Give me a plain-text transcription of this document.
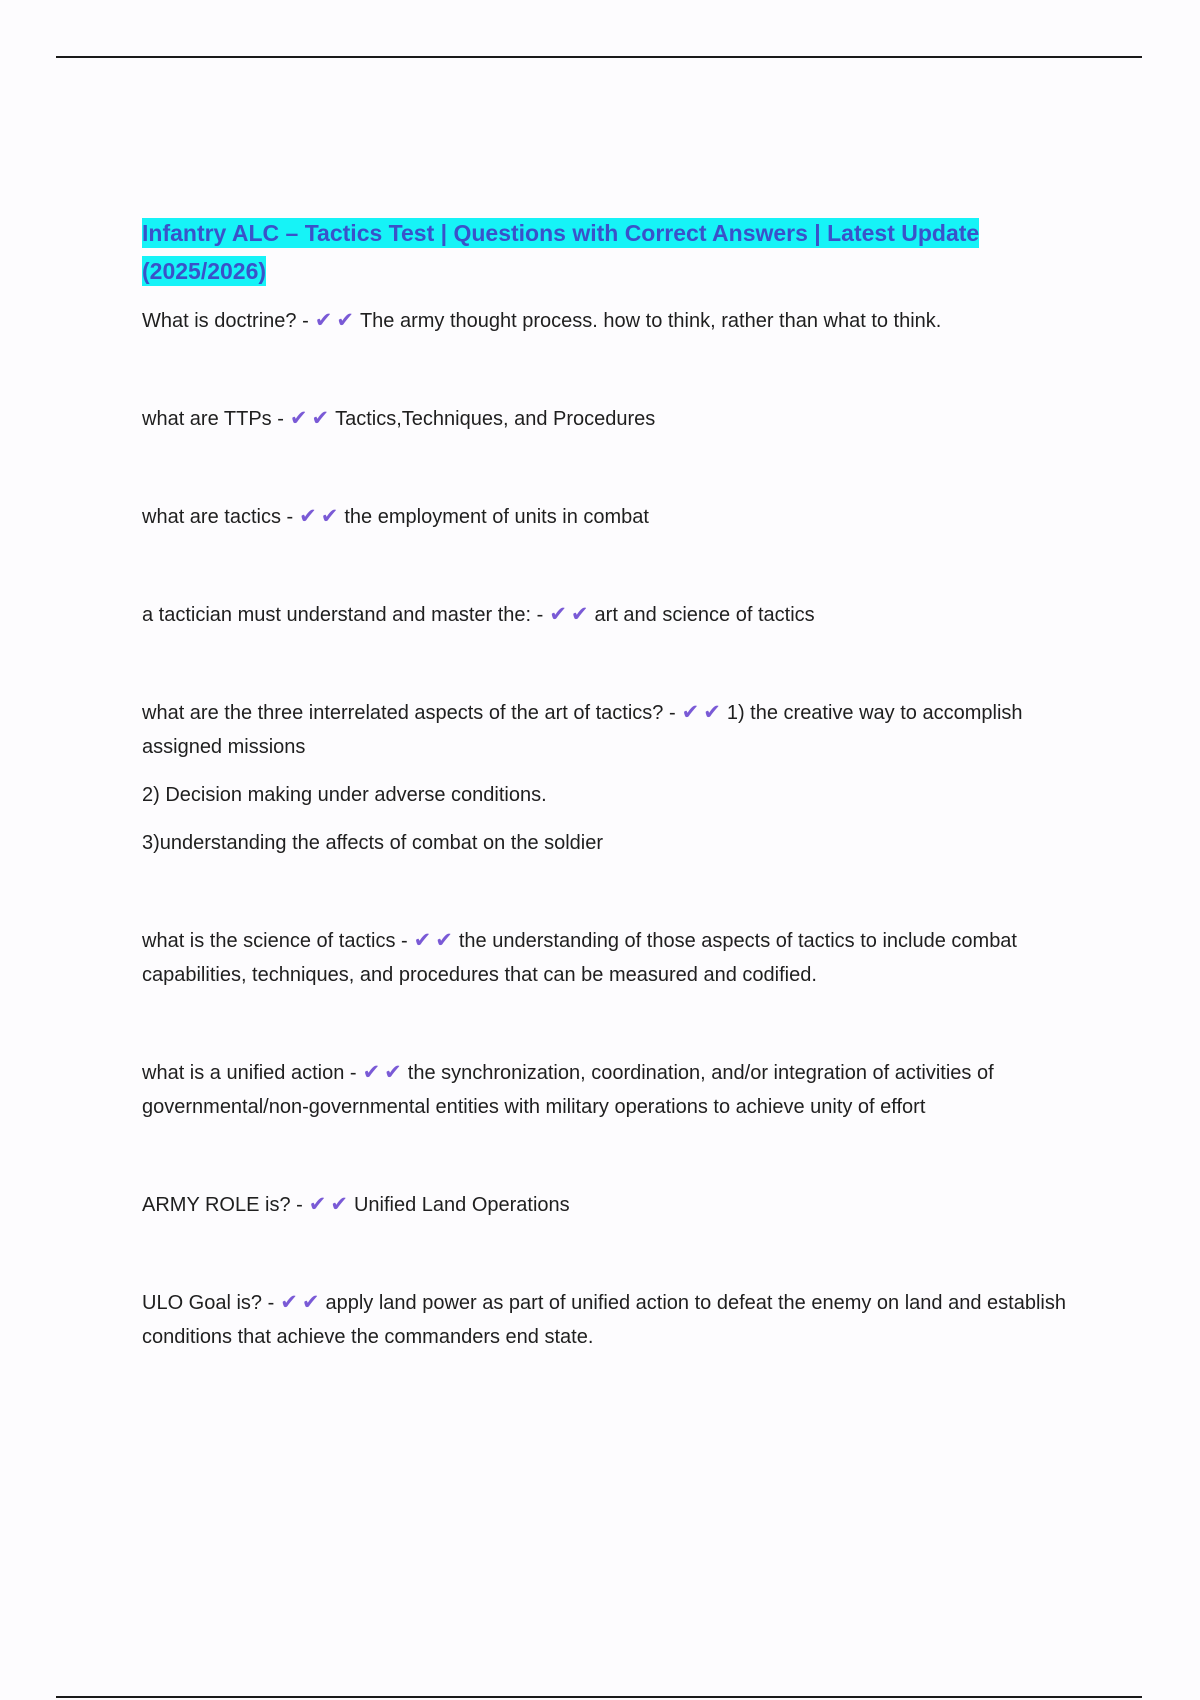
Infantry ALC – Tactics Test | Questions with Correct Answers | Latest Update (2025/2026)

What is doctrine? - ✔✔ The army thought process. how to think, rather than what to think.

what are TTPs - ✔✔ Tactics,Techniques, and Procedures

what are tactics - ✔✔ the employment of units in combat

a tactician must understand and master the: - ✔✔ art and science of tactics

what are the three interrelated aspects of the art of tactics? - ✔✔ 1) the creative way to accomplish assigned missions

2) Decision making under adverse conditions.

3)understanding the affects of combat on the soldier

what is the science of tactics - ✔✔ the understanding of those aspects of tactics to include combat capabilities, techniques, and procedures that can be measured and codified.

what is a unified action - ✔✔ the synchronization, coordination, and/or integration of activities of governmental/non-governmental entities with military operations to achieve unity of effort

ARMY ROLE is? - ✔✔ Unified Land Operations

ULO Goal is? - ✔✔ apply land power as part of unified action to defeat the enemy on land and establish conditions that achieve the commanders end state.
